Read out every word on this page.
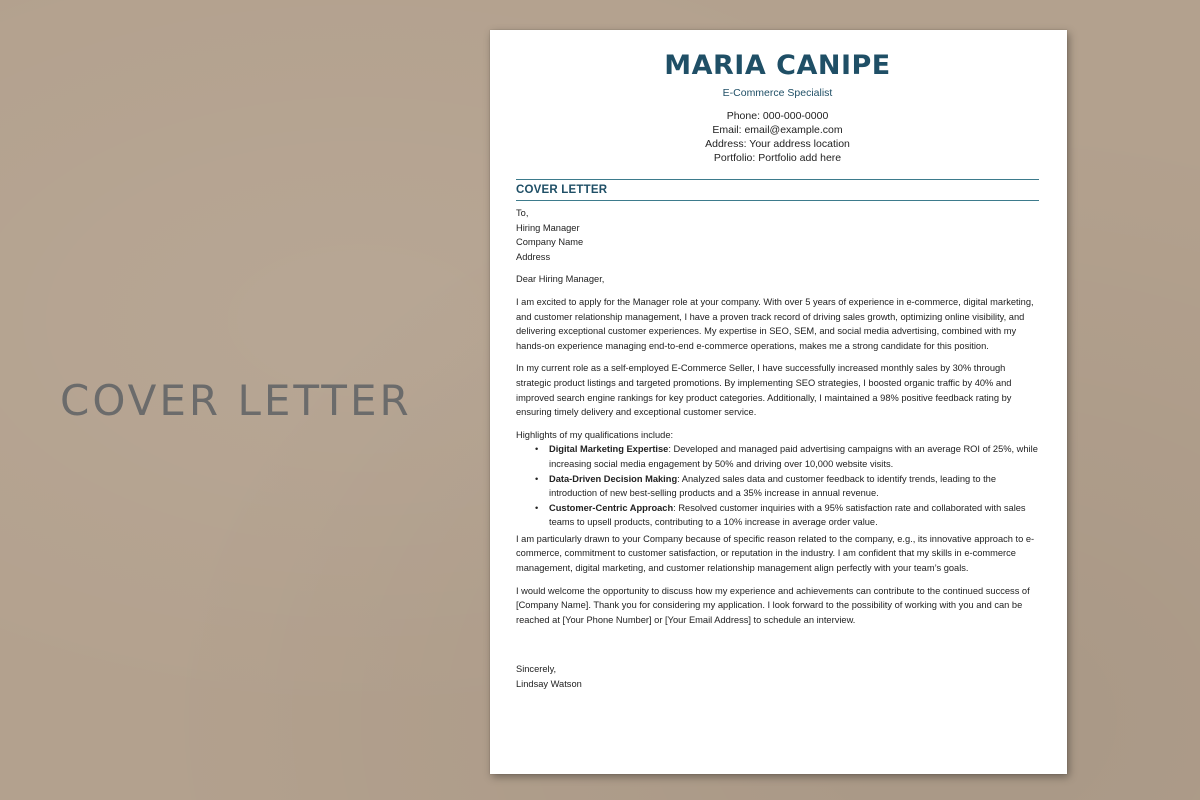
COVER LETTER
MARIA CANIPE
E-Commerce Specialist
Phone: 000-000-0000
Email: email@example.com
Address: Your address location
Portfolio: Portfolio add here
COVER LETTER
To,
Hiring Manager
Company Name
Address
Dear Hiring Manager,
I am excited to apply for the Manager role at your company. With over 5 years of experience in e-commerce, digital marketing, and customer relationship management, I have a proven track record of driving sales growth, optimizing online visibility, and delivering exceptional customer experiences. My expertise in SEO, SEM, and social media advertising, combined with my hands-on experience managing end-to-end e-commerce operations, makes me a strong candidate for this position.
In my current role as a self-employed E-Commerce Seller, I have successfully increased monthly sales by 30% through strategic product listings and targeted promotions. By implementing SEO strategies, I boosted organic traffic by 40% and improved search engine rankings for key product categories. Additionally, I maintained a 98% positive feedback rating by ensuring timely delivery and exceptional customer service.
Highlights of my qualifications include:
• Digital Marketing Expertise: Developed and managed paid advertising campaigns with an average ROI of 25%, while increasing social media engagement by 50% and driving over 10,000 website visits.
• Data-Driven Decision Making: Analyzed sales data and customer feedback to identify trends, leading to the introduction of new best-selling products and a 35% increase in annual revenue.
• Customer-Centric Approach: Resolved customer inquiries with a 95% satisfaction rate and collaborated with sales teams to upsell products, contributing to a 10% increase in average order value.
I am particularly drawn to your Company because of specific reason related to the company, e.g., its innovative approach to e-commerce, commitment to customer satisfaction, or reputation in the industry. I am confident that my skills in e-commerce management, digital marketing, and customer relationship management align perfectly with your team’s goals.
I would welcome the opportunity to discuss how my experience and achievements can contribute to the continued success of [Company Name]. Thank you for considering my application. I look forward to the possibility of working with you and can be reached at [Your Phone Number] or [Your Email Address] to schedule an interview.
Sincerely,
Lindsay Watson
